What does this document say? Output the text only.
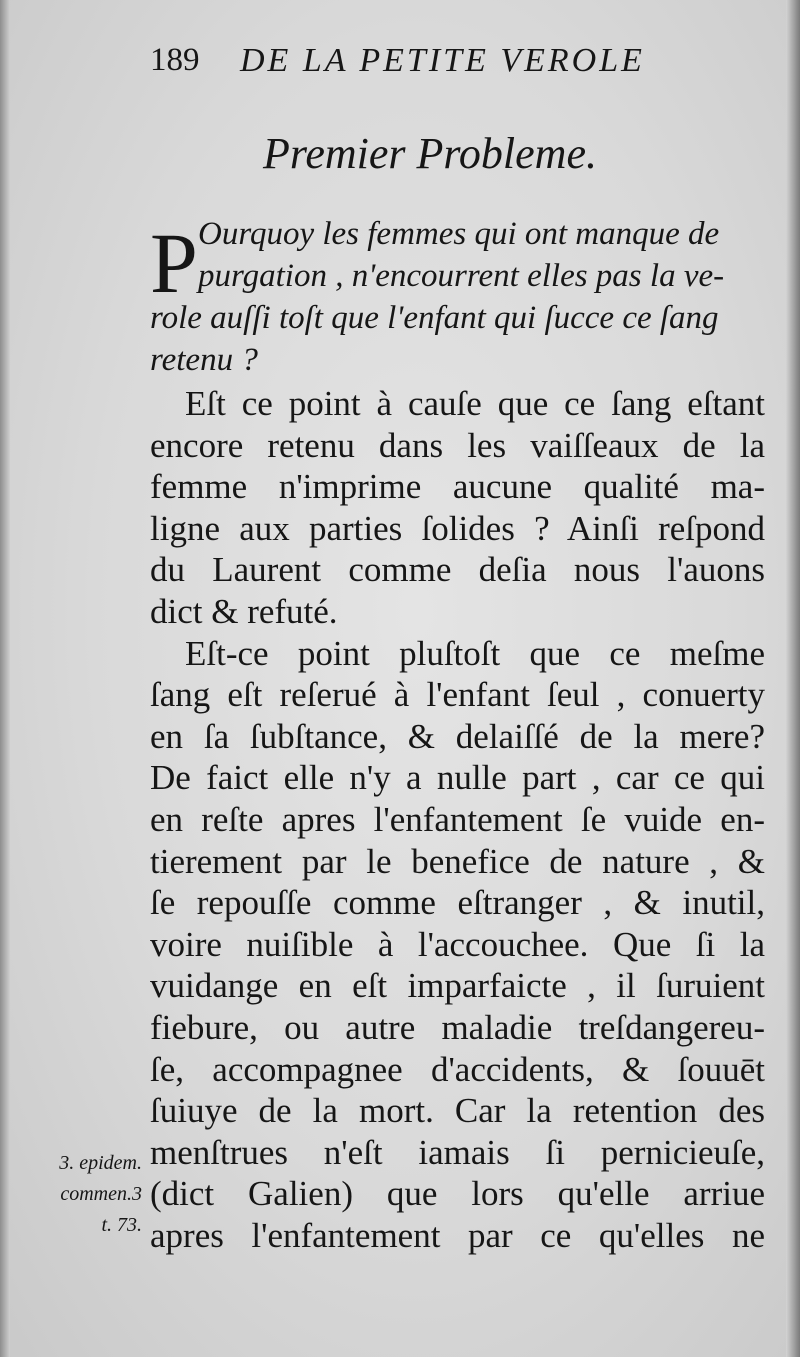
189 DE LA PETITE VEROLE
Premier Probleme.
P Ourquoy les femmes qui ont manque de
purgation , n'encourrent elles pas la ve-
role auſſi toſt que l'enfant qui ſucce ce ſang
retenu ?
Eſt ce point à cauſe que ce ſang eſtant
encore retenu dans les vaiſſeaux de la
femme n'imprime aucune qualité ma-
ligne aux parties ſolides ? Ainſi reſpond
du Laurent comme deſia nous l'auons
dict & refuté.
Eſt-ce point pluſtoſt que ce meſme
ſang eſt reſerué à l'enfant ſeul , conuerty
en ſa ſubſtance, & delaiſſé de la mere?
De faict elle n'y a nulle part , car ce qui
en reſte apres l'enfantement ſe vuide en-
tierement par le benefice de nature , &
ſe repouſſe comme eſtranger , & inutil,
voire nuiſible à l'accouchee. Que ſi la
vuidange en eſt imparfaicte , il ſuruient
fiebure, ou autre maladie treſdangereu-
ſe, accompagnee d'accidents, & ſouuēt
ſuiuye de la mort. Car la retention des
menſtrues n'eſt iamais ſi pernicieuſe,
(dict Galien) que lors qu'elle arriue
apres l'enfantement par ce qu'elles ne
3. epidem.
commen.3
t. 73.
